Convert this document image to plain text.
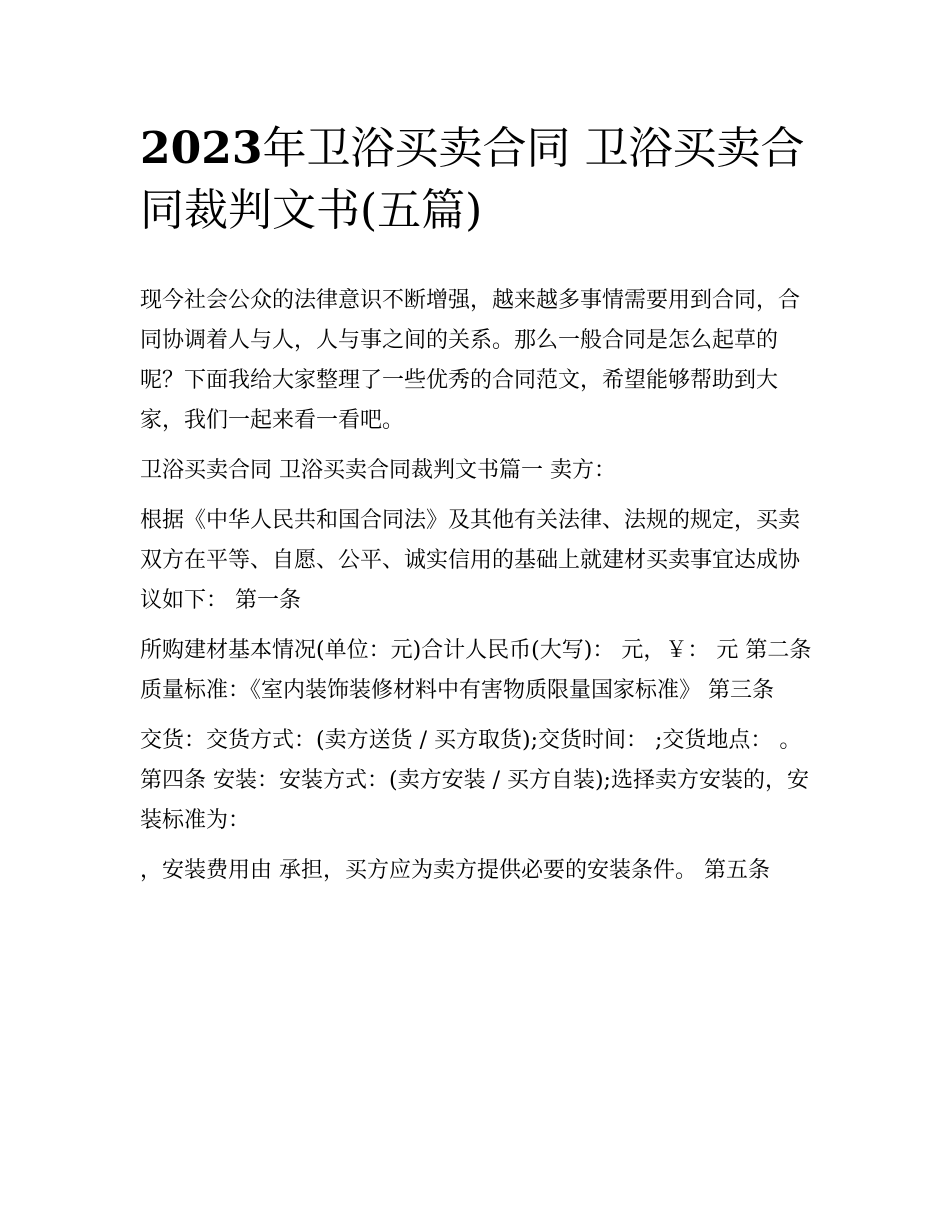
2023年卫浴买卖合同 卫浴买卖合同裁判文书(五篇)

现今社会公众的法律意识不断增强，越来越多事情需要用到合同，合同协调着人与人，人与事之间的关系。那么一般合同是怎么起草的呢？下面我给大家整理了一些优秀的合同范文，希望能够帮助到大家，我们一起来看一看吧。

卫浴买卖合同 卫浴买卖合同裁判文书篇一 卖方：

根据《中华人民共和国合同法》及其他有关法律、法规的规定，买卖双方在平等、自愿、公平、诚实信用的基础上就建材买卖事宜达成协议如下： 第一条

所购建材基本情况(单位：元)合计人民币(大写)： 元，￥： 元 第二条 质量标准：《室内装饰装修材料中有害物质限量国家标准》 第三条

交货：交货方式：(卖方送货 / 买方取货);交货时间： ;交货地点： 。 第四条 安装：安装方式：(卖方安装 / 买方自装);选择卖方安装的，安装标准为：

，安装费用由 承担，买方应为卖方提供必要的安装条件。 第五条
